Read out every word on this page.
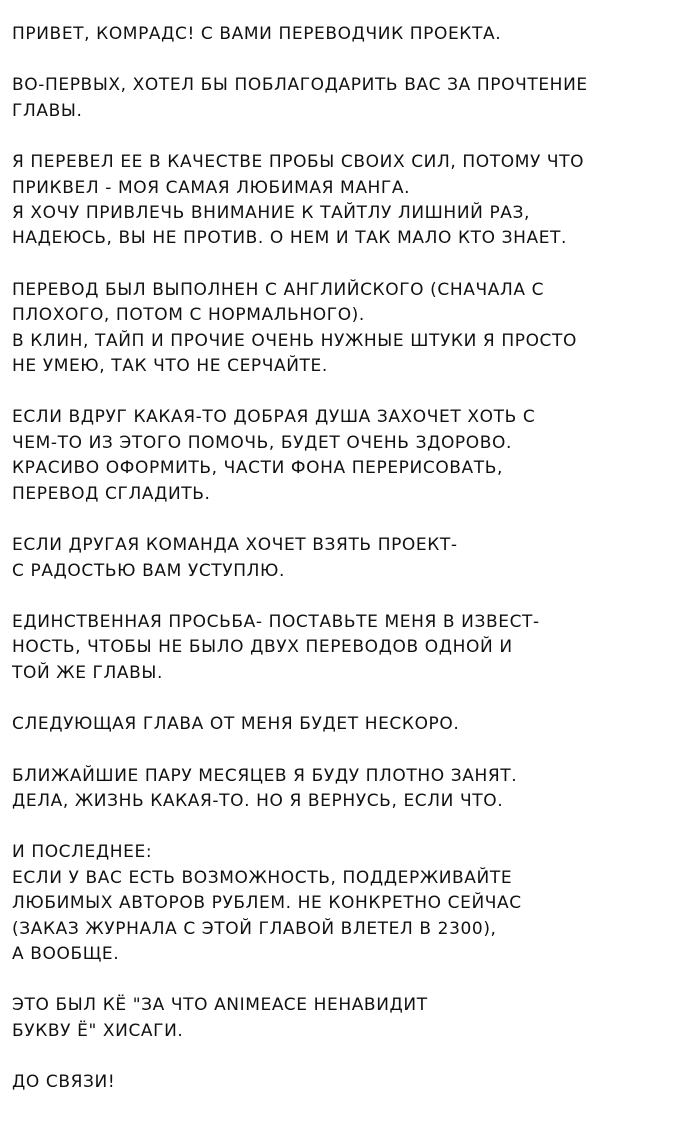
ПРИВЕТ, КОМРАДС! С ВАМИ ПЕРЕВОДЧИК ПРОЕКТА.

ВО-ПЕРВЫХ, ХОТЕЛ БЫ ПОБЛАГОДАРИТЬ ВАС ЗА ПРОЧТЕНИЕ
ГЛАВЫ.

Я ПЕРЕВЕЛ ЕЕ В КАЧЕСТВЕ ПРОБЫ СВОИХ СИЛ, ПОТОМУ ЧТО
ПРИКВЕЛ - МОЯ САМАЯ ЛЮБИМАЯ МАНГА.
Я ХОЧУ ПРИВЛЕЧЬ ВНИМАНИЕ К ТАЙТЛУ ЛИШНИЙ РАЗ,
НАДЕЮСЬ, ВЫ НЕ ПРОТИВ. О НЕМ И ТАК МАЛО КТО ЗНАЕТ.

ПЕРЕВОД БЫЛ ВЫПОЛНЕН С АНГЛИЙСКОГО (СНАЧАЛА С
ПЛОХОГО, ПОТОМ С НОРМАЛЬНОГО).
В КЛИН, ТАЙП И ПРОЧИЕ ОЧЕНЬ НУЖНЫЕ ШТУКИ Я ПРОСТО
НЕ УМЕЮ, ТАК ЧТО НЕ СЕРЧАЙТЕ.

ЕСЛИ ВДРУГ КАКАЯ-ТО ДОБРАЯ ДУША ЗАХОЧЕТ ХОТЬ С
ЧЕМ-ТО ИЗ ЭТОГО ПОМОЧЬ, БУДЕТ ОЧЕНЬ ЗДОРОВО.
КРАСИВО ОФОРМИТЬ, ЧАСТИ ФОНА ПЕРЕРИСОВАТЬ,
ПЕРЕВОД СГЛАДИТЬ.

ЕСЛИ ДРУГАЯ КОМАНДА ХОЧЕТ ВЗЯТЬ ПРОЕКТ-
С РАДОСТЬЮ ВАМ УСТУПЛЮ.

ЕДИНСТВЕННАЯ ПРОСЬБА- ПОСТАВЬТЕ МЕНЯ В ИЗВЕСТ-
НОСТЬ, ЧТОБЫ НЕ БЫЛО ДВУХ ПЕРЕВОДОВ ОДНОЙ И
ТОЙ ЖЕ ГЛАВЫ.

СЛЕДУЮЩАЯ ГЛАВА ОТ МЕНЯ БУДЕТ НЕСКОРО.

БЛИЖАЙШИЕ ПАРУ МЕСЯЦЕВ Я БУДУ ПЛОТНО ЗАНЯТ.
ДЕЛА, ЖИЗНЬ КАКАЯ-ТО. НО Я ВЕРНУСЬ, ЕСЛИ ЧТО.

И ПОСЛЕДНЕЕ:
ЕСЛИ У ВАС ЕСТЬ ВОЗМОЖНОСТЬ, ПОДДЕРЖИВАЙТЕ
ЛЮБИМЫХ АВТОРОВ РУБЛЕМ. НЕ КОНКРЕТНО СЕЙЧАС
(ЗАКАЗ ЖУРНАЛА С ЭТОЙ ГЛАВОЙ ВЛЕТЕЛ В 2300),
А ВООБЩЕ.

ЭТО БЫЛ КЁ "ЗА ЧТО ANIMEACE НЕНАВИДИТ
БУКВУ Ё" ХИСАГИ.

ДО СВЯЗИ!
